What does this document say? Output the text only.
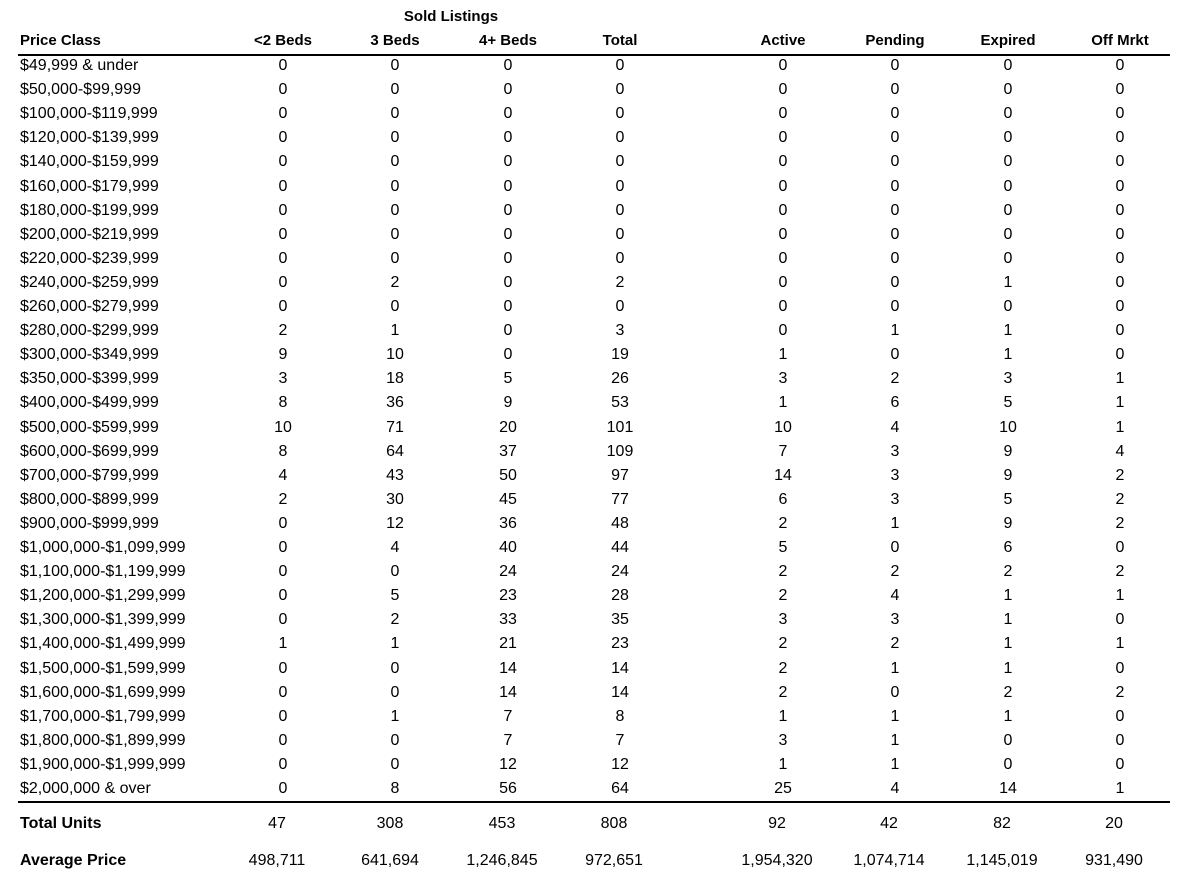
Sold Listings
Price Class	<2 Beds	3 Beds	4+ Beds	Total	Active	Pending	Expired	Off Mrkt
$49,999 & under	0	0	0	0	0	0	0	0
$50,000-$99,999	0	0	0	0	0	0	0	0
$100,000-$119,999	0	0	0	0	0	0	0	0
$120,000-$139,999	0	0	0	0	0	0	0	0
$140,000-$159,999	0	0	0	0	0	0	0	0
$160,000-$179,999	0	0	0	0	0	0	0	0
$180,000-$199,999	0	0	0	0	0	0	0	0
$200,000-$219,999	0	0	0	0	0	0	0	0
$220,000-$239,999	0	0	0	0	0	0	0	0
$240,000-$259,999	0	2	0	2	0	0	1	0
$260,000-$279,999	0	0	0	0	0	0	0	0
$280,000-$299,999	2	1	0	3	0	1	1	0
$300,000-$349,999	9	10	0	19	1	0	1	0
$350,000-$399,999	3	18	5	26	3	2	3	1
$400,000-$499,999	8	36	9	53	1	6	5	1
$500,000-$599,999	10	71	20	101	10	4	10	1
$600,000-$699,999	8	64	37	109	7	3	9	4
$700,000-$799,999	4	43	50	97	14	3	9	2
$800,000-$899,999	2	30	45	77	6	3	5	2
$900,000-$999,999	0	12	36	48	2	1	9	2
$1,000,000-$1,099,999	0	4	40	44	5	0	6	0
$1,100,000-$1,199,999	0	0	24	24	2	2	2	2
$1,200,000-$1,299,999	0	5	23	28	2	4	1	1
$1,300,000-$1,399,999	0	2	33	35	3	3	1	0
$1,400,000-$1,499,999	1	1	21	23	2	2	1	1
$1,500,000-$1,599,999	0	0	14	14	2	1	1	0
$1,600,000-$1,699,999	0	0	14	14	2	0	2	2
$1,700,000-$1,799,999	0	1	7	8	1	1	1	0
$1,800,000-$1,899,999	0	0	7	7	3	1	0	0
$1,900,000-$1,999,999	0	0	12	12	1	1	0	0
$2,000,000 & over	0	8	56	64	25	4	14	1
Total Units	47	308	453	808	92	42	82	20
Average Price	498,711	641,694	1,246,845	972,651	1,954,320	1,074,714	1,145,019	931,490
